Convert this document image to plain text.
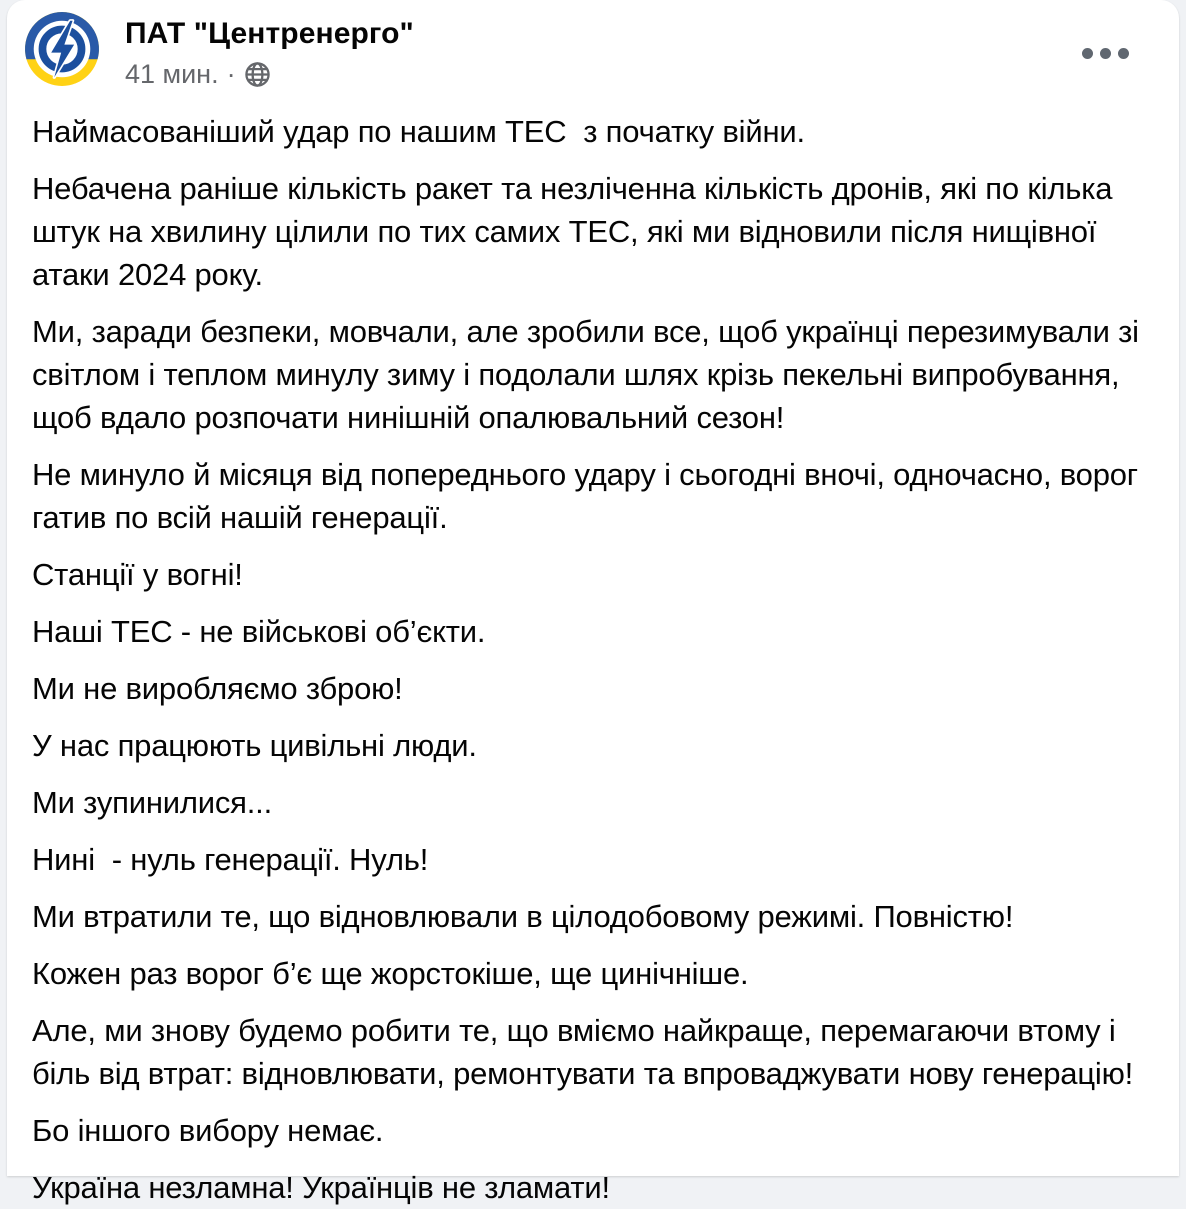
ПАТ "Центренерго"
41 мин. ·

Наймасованіший удар по нашим ТЕС  з початку війни.

Небачена раніше кількість ракет та незліченна кількість дронів, які по кілька штук на хвилину цілили по тих самих ТЕС, які ми відновили після нищівної атаки 2024 року.

Ми, заради безпеки, мовчали, але зробили все, щоб українці перезимували зі світлом і теплом минулу зиму і подолали шлях крізь пекельні випробування, щоб вдало розпочати нинішній опалювальний сезон!

Не минуло й місяця від попереднього удару і сьогодні вночі, одночасно, ворог гатив по всій нашій генерації.

Станції у вогні!

Наші ТЕС - не військові об’єкти.

Ми не виробляємо зброю!

У нас працюють цивільні люди.

Ми зупинилися...

Нині  - нуль генерації. Нуль!

Ми втратили те, що відновлювали в цілодобовому режимі. Повністю!

Кожен раз ворог б’є ще жорстокіше, ще цинічніше.

Але, ми знову будемо робити те, що вміємо найкраще, перемагаючи втому і біль від втрат: відновлювати, ремонтувати та впроваджувати нову генерацію!

Бо іншого вибору немає.

Україна незламна! Українців не зламати!
